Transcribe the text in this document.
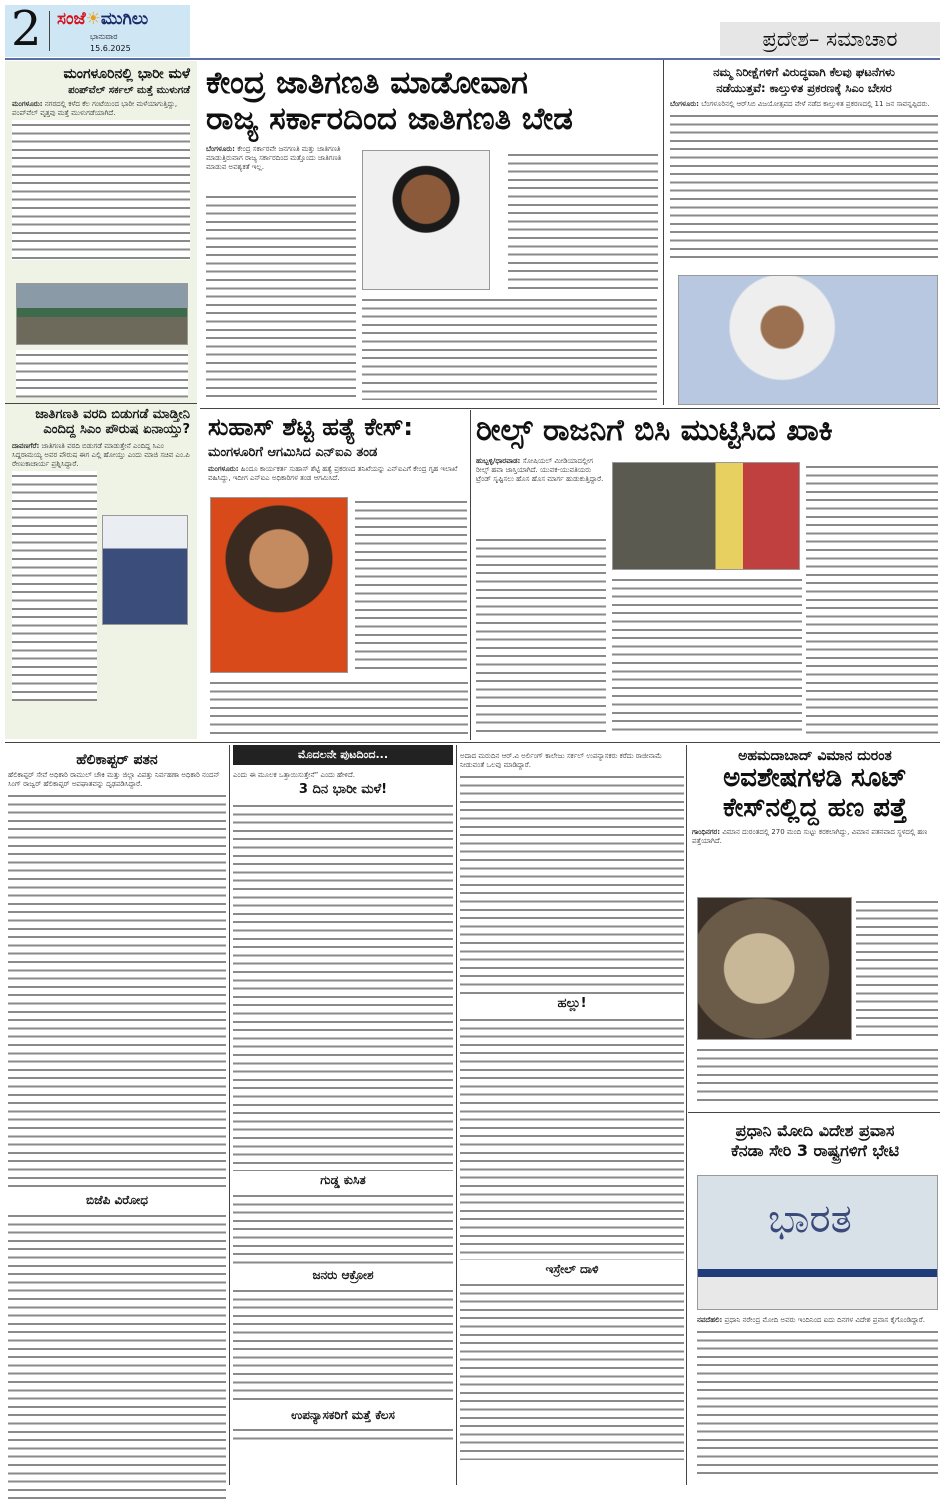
2 ಸಂಜೆ☀ಮುಗಿಲು
ಭಾನುವಾರ
15.6.2025	ಪ್ರದೇಶ– ಸಮಾಚಾರ
ಮಂಗಳೂರಿನಲ್ಲಿ ಭಾರೀ ಮಳೆ
ಪಂಪ್‌ವೆಲ್ ಸರ್ಕಲ್ ಮತ್ತೆ ಮುಳುಗಡೆ
ಮಂಗಳೂರು: ನಗರದಲ್ಲಿ ಕಳೆದ ಕೆಲ ಗಂಟೆಯಿಂದ ಭಾರೀ ಮಳೆಯಾಗುತ್ತಿದ್ದು, ಪಂಪ್‌ವೆಲ್ ವೃತ್ತವು ಮತ್ತೆ ಮುಳುಗಡೆಯಾಗಿದೆ.
ಜಾತಿಗಣತಿ ವರದಿ ಬಿಡುಗಡೆ ಮಾಡ್ತೀನಿ ಎಂದಿದ್ದ ಸಿಎಂ ಪೌರುಷ ಏನಾಯ್ತು?
ದಾವಣಗೆರೆ: ಜಾತಿಗಣತಿ ವರದಿ ಬಿಡುಗಡೆ ಮಾಡುತ್ತೇನೆ ಎಂದಿದ್ದ ಸಿಎಂ ಸಿದ್ದರಾಮಯ್ಯ ಅವರ ಪೌರುಷ ಈಗ ಎಲ್ಲಿ ಹೋಯ್ತು ಎಂದು ಮಾಜಿ ಸಚಿವ ಎಂ.ಪಿ ರೇಣುಕಾಚಾರ್ಯ ಪ್ರಶ್ನಿಸಿದ್ದಾರೆ.
ಕೇಂದ್ರ ಜಾತಿಗಣತಿ ಮಾಡೋವಾಗ
ರಾಜ್ಯ ಸರ್ಕಾರದಿಂದ ಜಾತಿಗಣತಿ ಬೇಡ
ಬೆಂಗಳೂರು: ಕೇಂದ್ರ ಸರ್ಕಾರವೇ ಜನಗಣತಿ ಮತ್ತು ಜಾತಿಗಣತಿ ಮಾಡುತ್ತಿರುವಾಗ ರಾಜ್ಯ ಸರ್ಕಾರದಿಂದ ಮತ್ತೊಂದು ಜಾತಿಗಣತಿ ಮಾಡುವ ಅವಶ್ಯಕತೆ ಇಲ್ಲ.
ನಮ್ಮ ನಿರೀಕ್ಷೆಗಳಿಗೆ ವಿರುದ್ಧವಾಗಿ ಕೆಲವು ಘಟನೆಗಳು
ನಡೆಯುತ್ತವೆ: ಕಾಲ್ತುಳಿತ ಪ್ರಕರಣಕ್ಕೆ ಸಿಎಂ ಬೇಸರ
ಬೆಂಗಳೂರು: ಬೆಂಗಳೂರಿನಲ್ಲಿ ಆರ್‌ಸಿಬಿ ವಿಜಯೋತ್ಸವದ ವೇಳೆ ನಡೆದ ಕಾಲ್ತುಳಿತ ಪ್ರಕರಣದಲ್ಲಿ 11 ಜನ ಸಾವನ್ನಪ್ಪಿದರು.
ಸುಹಾಸ್ ಶೆಟ್ಟಿ ಹತ್ಯೆ ಕೇಸ್:
ಮಂಗಳೂರಿಗೆ ಆಗಮಿಸಿದ ಎನ್‌ಐಎ ತಂಡ
ಮಂಗಳೂರು: ಹಿಂದೂ ಕಾರ್ಯಕರ್ತ ಸುಹಾಸ್ ಶೆಟ್ಟಿ ಹತ್ಯೆ ಪ್ರಕರಣದ ತನಿಖೆಯನ್ನು ಎನ್‌ಐಎಗೆ ಕೇಂದ್ರ ಗೃಹ ಇಲಾಖೆ ವಹಿಸಿದ್ದು, ಇದೀಗ ಎನ್‌ಐಎ ಅಧಿಕಾರಿಗಳ ತಂಡ ಆಗಮಿಸಿದೆ.
ರೀಲ್ಸ್ ರಾಜನಿಗೆ ಬಿಸಿ ಮುಟ್ಟಿಸಿದ ಖಾಕಿ
ಹುಬ್ಬಳ್ಳಿ/ಧಾರವಾಡ: ಸೋಷಿಯಲ್ ಮೀಡಿಯಾದಲ್ಲೀಗ ರೀಲ್ಸ್ ಹವಾ ಜಾಸ್ತಿಯಾಗಿದೆ. ಯುವಕ-ಯುವತಿಯರು ಟ್ರೆಂಡ್ ಸೃಷ್ಟಿಸಲು ಹೊಸ ಹೊಸ ಮಾರ್ಗ ಹುಡುಕುತ್ತಿದ್ದಾರೆ.
ಹೆಲಿಕಾಪ್ಟರ್ ಪತನ
ಹೆಲಿಕಾಪ್ಟರ್ ಸೇವೆ ಅಧಿಕಾರಿ ರಾಮುಲ್ ಚೌಕಿ ಮತ್ತು ಜಿಲ್ಲಾ ವಿಪತ್ತು ನಿರ್ವಹಣಾ ಅಧಿಕಾರಿ ನಂದನ್ ಸಿಂಗ್ ರಾಜ್ವರ್ ಹೆಲಿಕಾಪ್ಟರ್ ಅಪಘಾತವನ್ನು ದೃಢಪಡಿಸಿದ್ದಾರೆ.
ಬಿಜೆಪಿ ವಿರೋಧ
ಮೊದಲನೇ ಪುಟದಿಂದ...
ಎಂದು ಈ ಮೂಲಕ ಒತ್ತಾಯಿಸುತ್ತೇನೆ” ಎಂದು ಹೇಳಿದೆ.
3 ದಿನ ಭಾರೀ ಮಳೆ!
ಗುಡ್ಡ ಕುಸಿತ
ಜನರು ಆಕ್ರೋಶ
ಉಪನ್ಯಾಸಕರಿಗೆ ಮತ್ತೆ ಕೆಲಸ
ಅದಾದ ಮರುದಿನ ಆರ್.ವಿ ಅರ್ಲಿಂಗ್ ಕಾಲೇಜು ಸರ್ಕಲ್ ಉಪನ್ಯಾಸಕರು ಕರೆದು ರಾಜೀನಾಮೆ ನೀಡುವಂತೆ ಒಲವು ಮಾಡಿದ್ದಾರೆ.
ಹಲ್ಲು!
ಇಸ್ರೇಲ್ ದಾಳಿ
ಅಹಮದಾಬಾದ್ ವಿಮಾನ ದುರಂತ
ಅವಶೇಷಗಳಡಿ ಸೂಟ್
ಕೇಸ್‌ನಲ್ಲಿದ್ದ ಹಣ ಪತ್ತೆ
ಗಾಂಧಿನಗರ: ವಿಮಾನ ದುರಂತದಲ್ಲಿ 270 ಮಂದಿ ಸುಟ್ಟು ಕರಕಲಾಗಿದ್ದು, ವಿಮಾನ ಪತನವಾದ ಸ್ಥಳದಲ್ಲಿ ಹಣ ಪತ್ತೆಯಾಗಿದೆ.
ಪ್ರಧಾನಿ ಮೋದಿ ವಿದೇಶ ಪ್ರವಾಸ
ಕೆನಡಾ ಸೇರಿ 3 ರಾಷ್ಟ್ರಗಳಿಗೆ ಭೇಟಿ
ಭಾರತ
ನವದೆಹಲಿ: ಪ್ರಧಾನಿ ನರೇಂದ್ರ ಮೋದಿ ಅವರು ಇಂದಿನಿಂದ ಐದು ದಿನಗಳ ವಿದೇಶ ಪ್ರವಾಸ ಕೈಗೊಂಡಿದ್ದಾರೆ.
